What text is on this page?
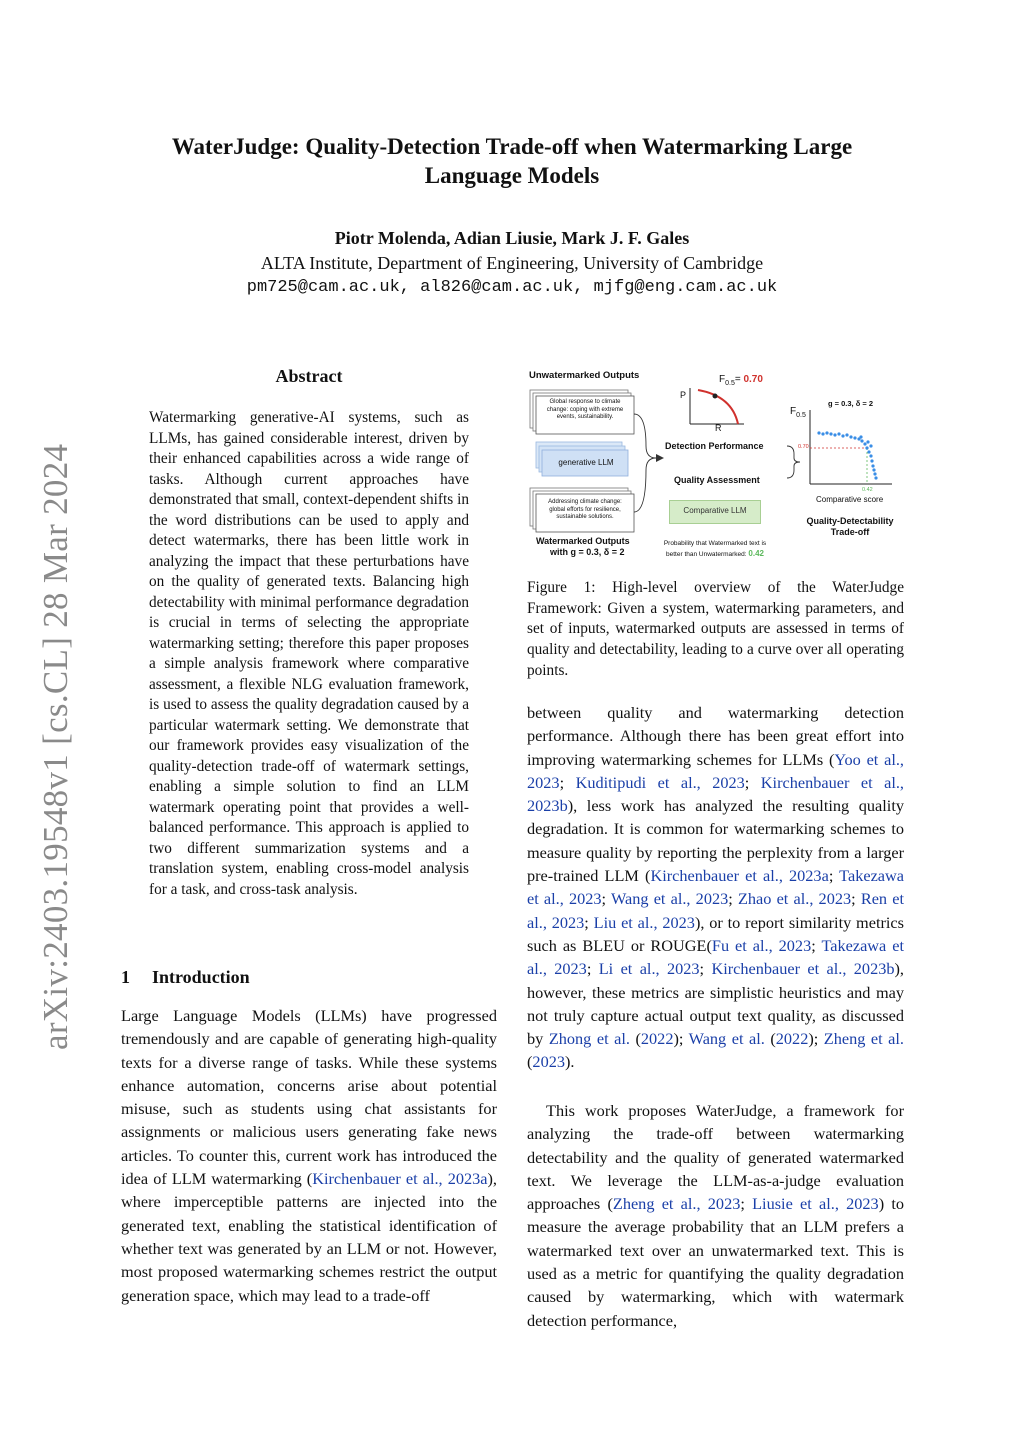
WaterJudge: Quality-Detection Trade-off when Watermarking Large
Language Models
Piotr Molenda, Adian Liusie, Mark J. F. Gales
ALTA Institute, Department of Engineering, University of Cambridge
pm725@cam.ac.uk, al826@cam.ac.uk, mjfg@eng.cam.ac.uk
arXiv:2403.19548v1 [cs.CL] 28 Mar 2024
Abstract
Watermarking generative-AI systems, such as LLMs, has gained considerable interest, driven by their enhanced capabilities across a wide range of tasks. Although current approaches have demonstrated that small, context-dependent shifts in the word distributions can be used to apply and detect watermarks, there has been little work in analyzing the impact that these perturbations have on the quality of generated texts. Balancing high detectability with minimal performance degradation is crucial in terms of selecting the appropriate watermarking setting; therefore this paper proposes a simple analysis framework where comparative assessment, a flexible NLG evaluation framework, is used to assess the quality degradation caused by a particular watermark setting. We demonstrate that our framework provides easy visualization of the quality-detection trade-off of watermark settings, enabling a simple solution to find an LLM watermark operating point that provides a well-balanced performance. This approach is applied to two different summarization systems and a translation system, enabling cross-model analysis for a task, and cross-task analysis.
1 Introduction

Large Language Models (LLMs) have progressed tremendously and are capable of generating high-quality texts for a diverse range of tasks. While these systems enhance automation, concerns arise about potential misuse, such as students using chat assistants for assignments or malicious users generating fake news articles. To counter this, current work has introduced the idea of LLM watermarking (Kirchenbauer et al., 2023a), where imperceptible patterns are injected into the generated text, enabling the statistical identification of whether text was generated by an LLM or not. However, most proposed watermarking schemes restrict the output generation space, which may lead to a trade-off

Unwatermarked Outputs
Global response to climate change: coping with extreme events, sustainability.
generative LLM
Addressing climate change: global efforts for resilience, sustainable solutions.
Watermarked Outputs
with g = 0.3, δ = 2
P
R
$F_{0.5}= 0.70$
Detection Performance
Quality Assessment
Comparative LLM
Probability that Watermarked text is
better than Unwatermarked: 0.42
$F_{0.5}$
g = 0.3, δ = 2
0.70
0.42
Comparative score
Quality-Detectability
Trade-off
Figure 1: High-level overview of the WaterJudge Framework: Given a system, watermarking parameters, and set of inputs, watermarked outputs are assessed in terms of quality and detectability, leading to a curve over all operating points.

between quality and watermarking detection performance. Although there has been great effort into improving watermarking schemes for LLMs (Yoo et al., 2023; Kuditipudi et al., 2023; Kirchenbauer et al., 2023b), less work has analyzed the resulting quality degradation. It is common for watermarking schemes to measure quality by reporting the perplexity from a larger pre-trained LLM (Kirchenbauer et al., 2023a; Takezawa et al., 2023; Wang et al., 2023; Zhao et al., 2023; Ren et al., 2023; Liu et al., 2023), or to report similarity metrics such as BLEU or ROUGE(Fu et al., 2023; Takezawa et al., 2023; Li et al., 2023; Kirchenbauer et al., 2023b), however, these metrics are simplistic heuristics and may not truly capture actual output text quality, as discussed by Zhong et al. (2022); Wang et al. (2022); Zheng et al. (2023).

This work proposes WaterJudge, a framework for analyzing the trade-off between watermarking detectability and the quality of generated watermarked text. We leverage the LLM-as-a-judge evaluation approaches (Zheng et al., 2023; Liusie et al., 2023) to measure the average probability that an LLM prefers a watermarked text over an unwatermarked text. This is used as a metric for quantifying the quality degradation caused by watermarking, which with watermark detection performance,
